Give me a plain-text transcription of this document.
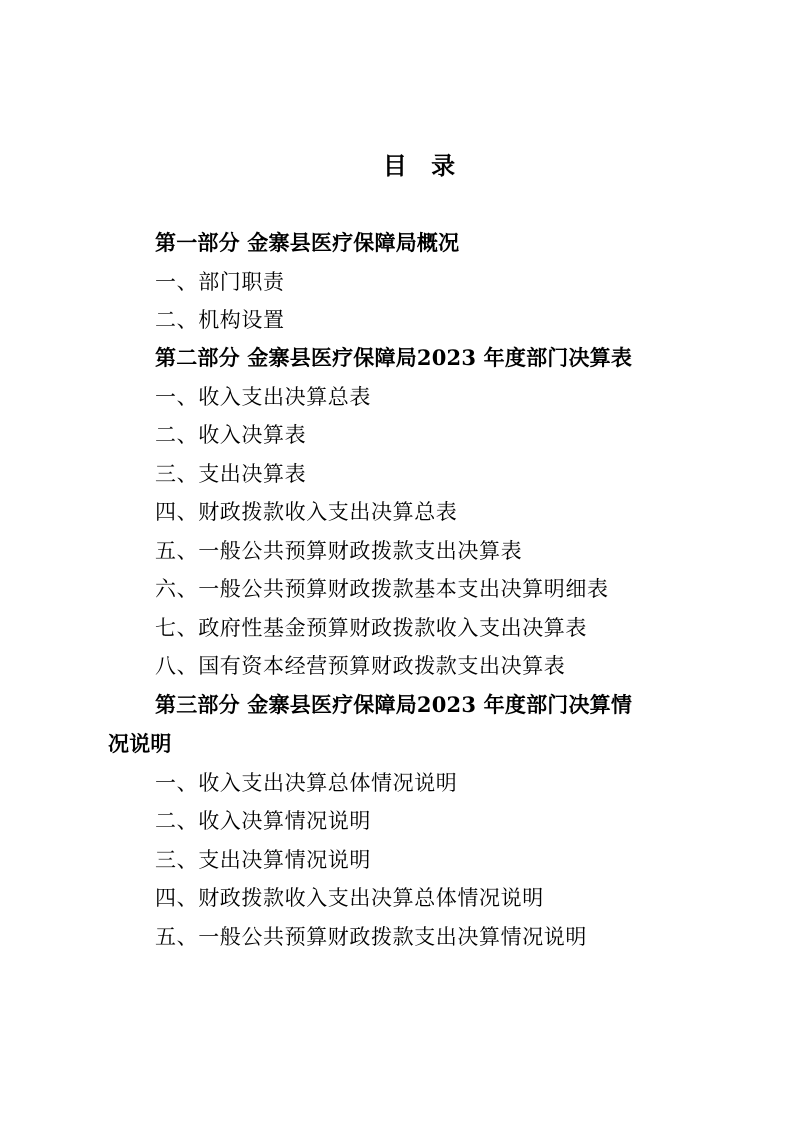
目 录
第一部分 金寨县医疗保障局概况
一、部门职责
二、机构设置
第二部分 金寨县医疗保障局2023 年度部门决算表
一、收入支出决算总表
二、收入决算表
三、支出决算表
四、财政拨款收入支出决算总表
五、一般公共预算财政拨款支出决算表
六、一般公共预算财政拨款基本支出决算明细表
七、政府性基金预算财政拨款收入支出决算表
八、国有资本经营预算财政拨款支出决算表
第三部分 金寨县医疗保障局2023 年度部门决算情
况说明
一、收入支出决算总体情况说明
二、收入决算情况说明
三、支出决算情况说明
四、财政拨款收入支出决算总体情况说明
五、一般公共预算财政拨款支出决算情况说明
